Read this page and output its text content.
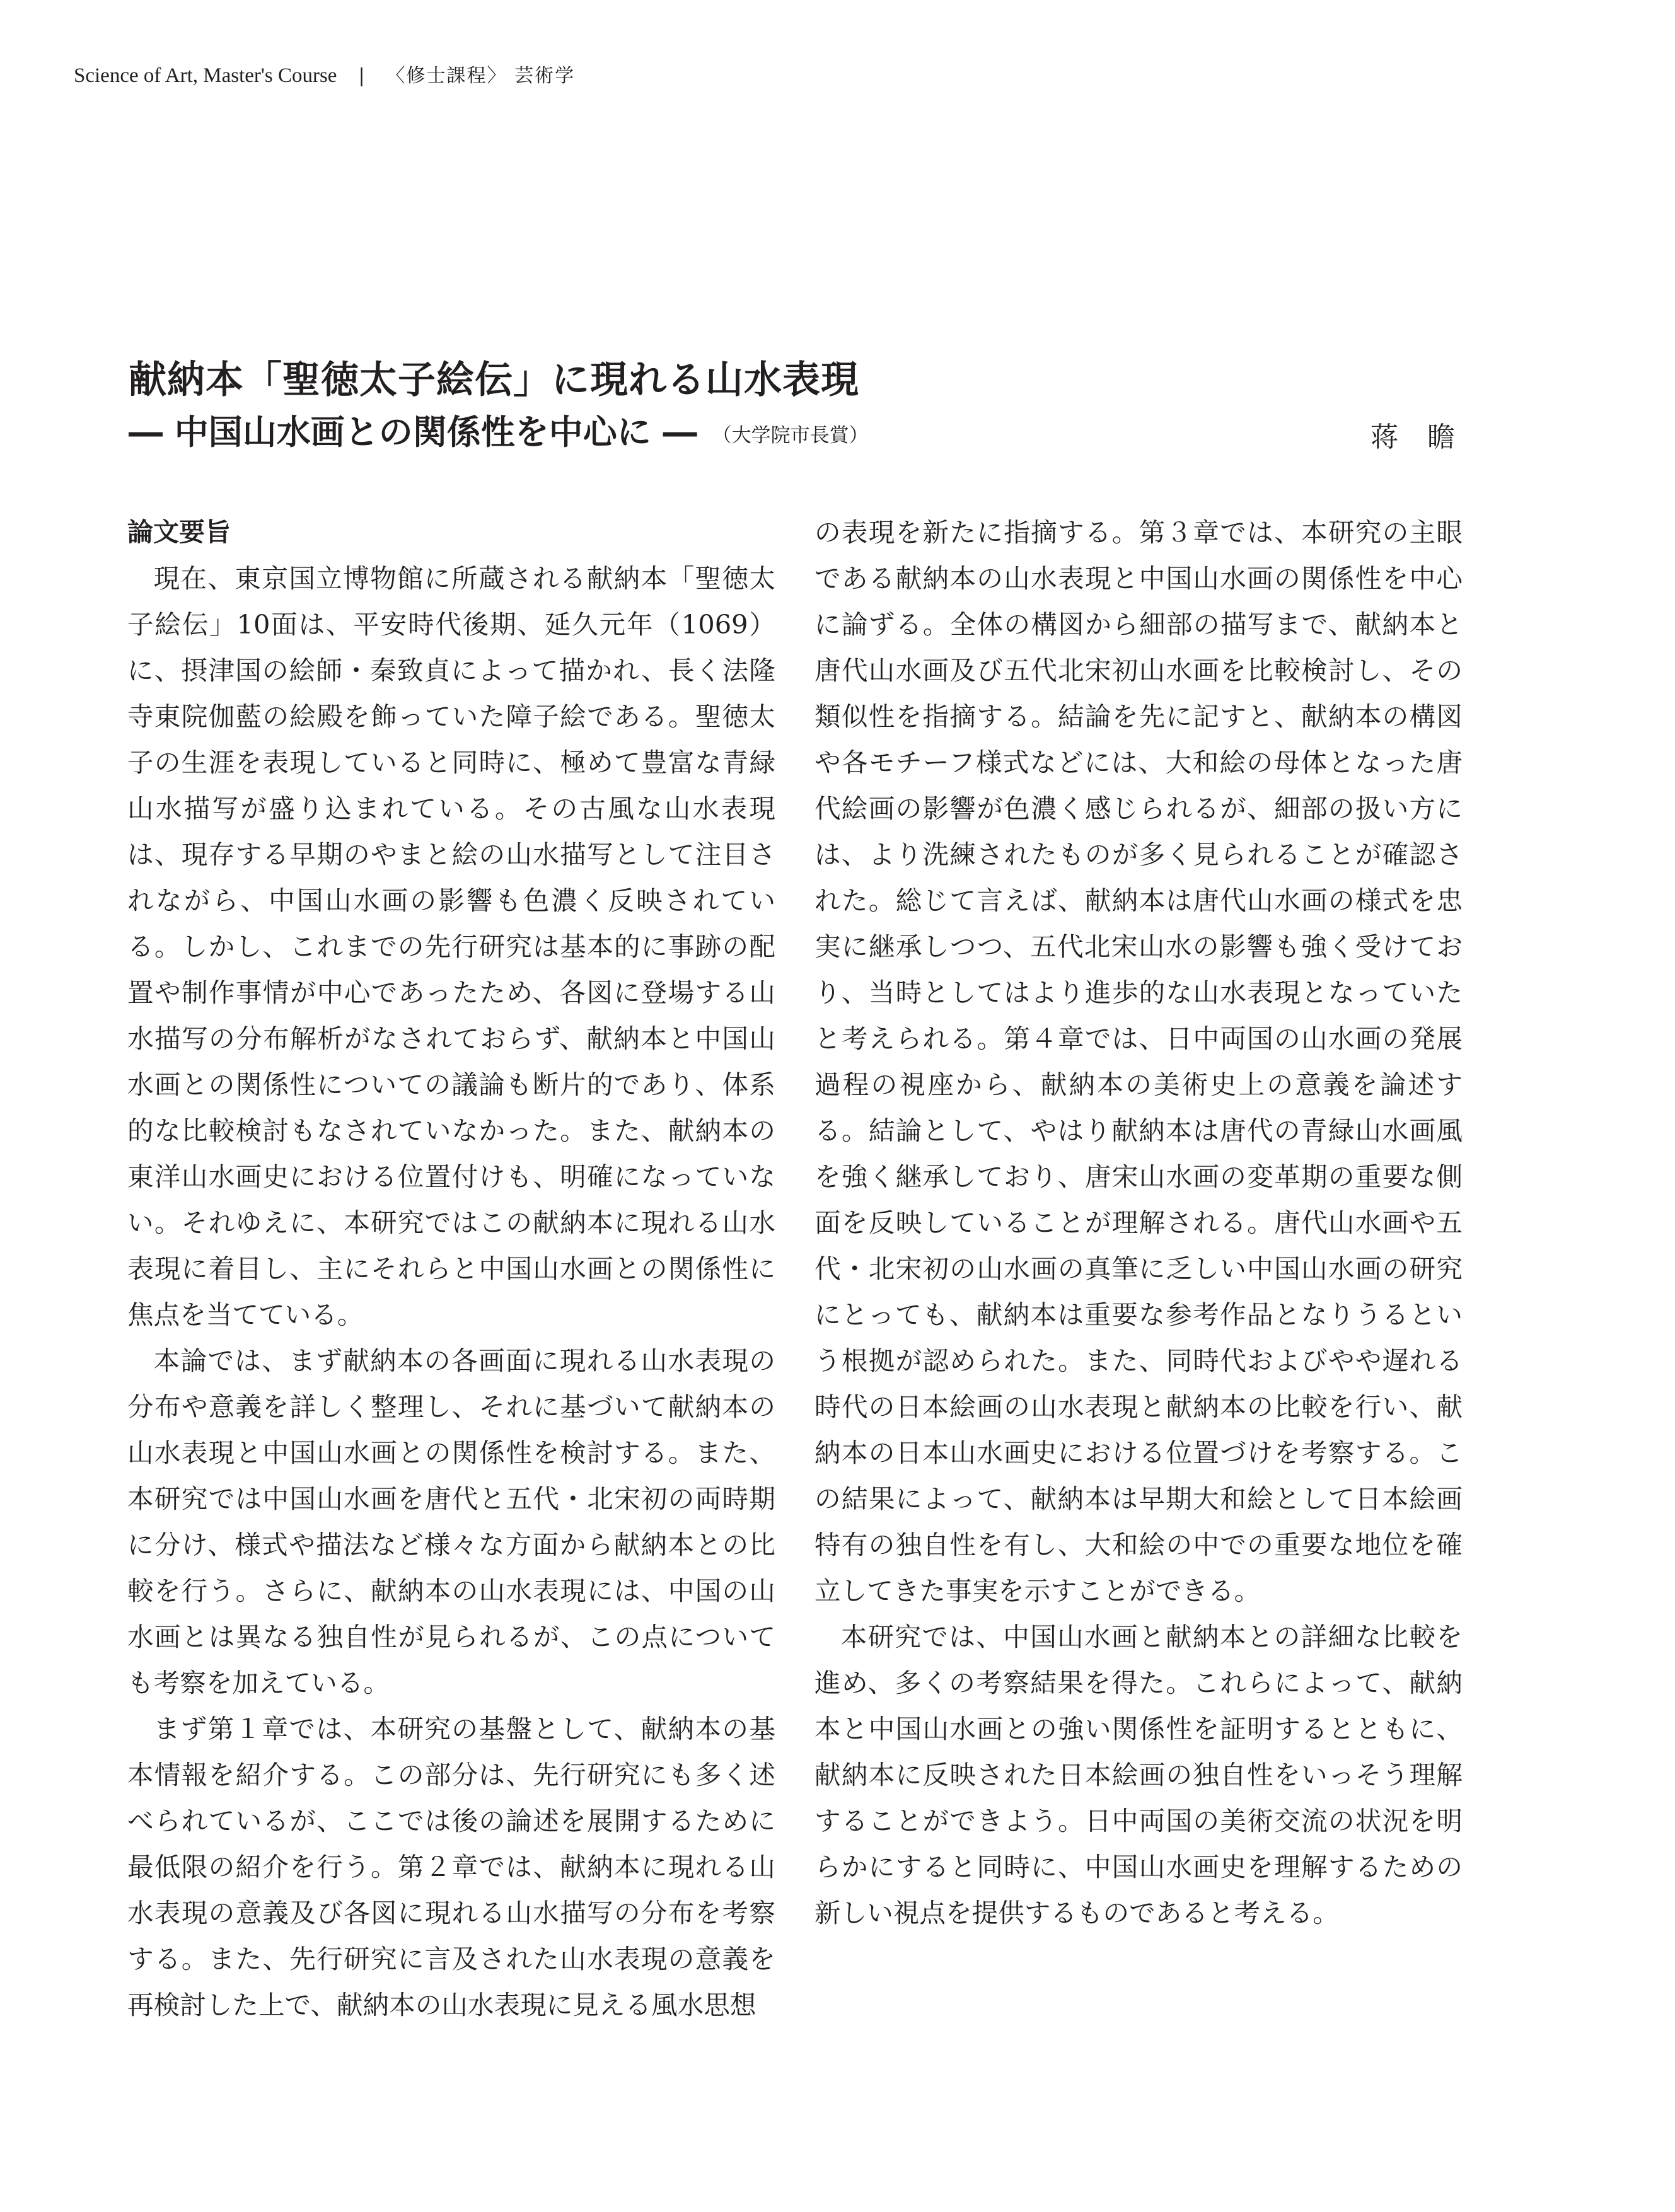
Science of Art, Master's Course | 〈修士課程〉 芸術学
献納本「聖徳太子絵伝」に現れる山水表現
― 中国山水画との関係性を中心に ― （大学院市長賞）	蒋 瞻
論文要旨

現在、東京国立博物館に所蔵される献納本「聖徳太子絵伝」10面は、平安時代後期、延久元年（1069）に、摂津国の絵師・秦致貞によって描かれ、長く法隆寺東院伽藍の絵殿を飾っていた障子絵である。聖徳太子の生涯を表現していると同時に、極めて豊富な青緑山水描写が盛り込まれている。その古風な山水表現は、現存する早期のやまと絵の山水描写として注目されながら、中国山水画の影響も色濃く反映されている。しかし、これまでの先行研究は基本的に事跡の配置や制作事情が中心であったため、各図に登場する山水描写の分布解析がなされておらず、献納本と中国山水画との関係性についての議論も断片的であり、体系的な比較検討もなされていなかった。また、献納本の東洋山水画史における位置付けも、明確になっていない。それゆえに、本研究ではこの献納本に現れる山水表現に着目し、主にそれらと中国山水画との関係性に焦点を当てている。

本論では、まず献納本の各画面に現れる山水表現の分布や意義を詳しく整理し、それに基づいて献納本の山水表現と中国山水画との関係性を検討する。また、本研究では中国山水画を唐代と五代・北宋初の両時期に分け、様式や描法など様々な方面から献納本との比較を行う。さらに、献納本の山水表現には、中国の山水画とは異なる独自性が見られるが、この点についても考察を加えている。

まず第１章では、本研究の基盤として、献納本の基本情報を紹介する。この部分は、先行研究にも多く述べられているが、ここでは後の論述を展開するために最低限の紹介を行う。第２章では、献納本に現れる山水表現の意義及び各図に現れる山水描写の分布を考察する。また、先行研究に言及された山水表現の意義を再検討した上で、献納本の山水表現に見える風水思想

の表現を新たに指摘する。第３章では、本研究の主眼である献納本の山水表現と中国山水画の関係性を中心に論ずる。全体の構図から細部の描写まで、献納本と唐代山水画及び五代北宋初山水画を比較検討し、その類似性を指摘する。結論を先に記すと、献納本の構図や各モチーフ様式などには、大和絵の母体となった唐代絵画の影響が色濃く感じられるが、細部の扱い方には、より洗練されたものが多く見られることが確認された。総じて言えば、献納本は唐代山水画の様式を忠実に継承しつつ、五代北宋山水の影響も強く受けており、当時としてはより進歩的な山水表現となっていたと考えられる。第４章では、日中両国の山水画の発展過程の視座から、献納本の美術史上の意義を論述する。結論として、やはり献納本は唐代の青緑山水画風を強く継承しており、唐宋山水画の変革期の重要な側面を反映していることが理解される。唐代山水画や五代・北宋初の山水画の真筆に乏しい中国山水画の研究にとっても、献納本は重要な参考作品となりうるという根拠が認められた。また、同時代およびやや遅れる時代の日本絵画の山水表現と献納本の比較を行い、献納本の日本山水画史における位置づけを考察する。この結果によって、献納本は早期大和絵として日本絵画特有の独自性を有し、大和絵の中での重要な地位を確立してきた事実を示すことができる。

本研究では、中国山水画と献納本との詳細な比較を進め、多くの考察結果を得た。これらによって、献納本と中国山水画との強い関係性を証明するとともに、献納本に反映された日本絵画の独自性をいっそう理解することができよう。日中両国の美術交流の状況を明らかにすると同時に、中国山水画史を理解するための新しい視点を提供するものであると考える。
